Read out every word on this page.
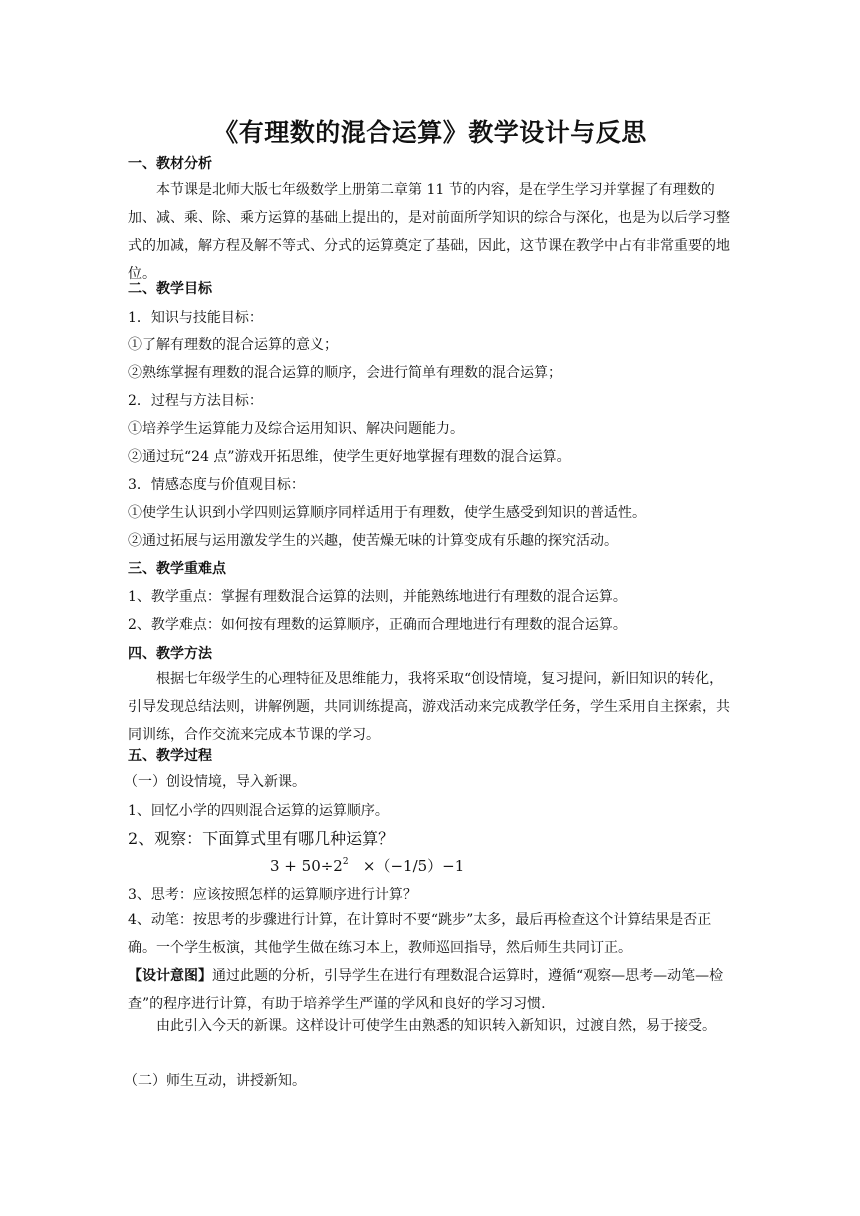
《有理数的混合运算》教学设计与反思
一、教材分析

本节课是北师大版七年级数学上册第二章第 11 节的内容，是在学生学习并掌握了有理数的加、减、乘、除、乘方运算的基础上提出的，是对前面所学知识的综合与深化，也是为以后学习整式的加减，解方程及解不等式、分式的运算奠定了基础，因此，这节课在教学中占有非常重要的地位。

二、教学目标

1．知识与技能目标：

①了解有理数的混合运算的意义；

②熟练掌握有理数的混合运算的顺序，会进行简单有理数的混合运算；

2．过程与方法目标：

①培养学生运算能力及综合运用知识、解决问题能力。

②通过玩“24 点”游戏开拓思维，使学生更好地掌握有理数的混合运算。

3．情感态度与价值观目标：

①使学生认识到小学四则运算顺序同样适用于有理数，使学生感受到知识的普适性。

②通过拓展与运用激发学生的兴趣，使苦燥无味的计算变成有乐趣的探究活动。

三、教学重难点

1、教学重点：掌握有理数混合运算的法则，并能熟练地进行有理数的混合运算。

2、教学难点：如何按有理数的运算顺序，正确而合理地进行有理数的混合运算。

四、教学方法

根据七年级学生的心理特征及思维能力，我将采取“创设情境，复习提问，新旧知识的转化，引导发现总结法则，讲解例题，共同训练提高，游戏活动来完成教学任务，学生采用自主探索，共同训练，合作交流来完成本节课的学习。

五、教学过程

（一）创设情境，导入新课。

1、回忆小学的四则混合运算的运算顺序。

2、观察：下面算式里有哪几种运算？

$3 + 50\div 2^2 \times(-1/5)-1$

3、思考：应该按照怎样的运算顺序进行计算？

4、动笔：按思考的步骤进行计算，在计算时不要“跳步”太多，最后再检查这个计算结果是否正确。一个学生板演，其他学生做在练习本上，教师巡回指导，然后师生共同订正。

【设计意图】通过此题的分析，引导学生在进行有理数混合运算时，遵循“观察—思考—动笔—检查”的程序进行计算，有助于培养学生严谨的学风和良好的学习习惯.

由此引入今天的新课。这样设计可使学生由熟悉的知识转入新知识，过渡自然，易于接受。

（二）师生互动，讲授新知。
